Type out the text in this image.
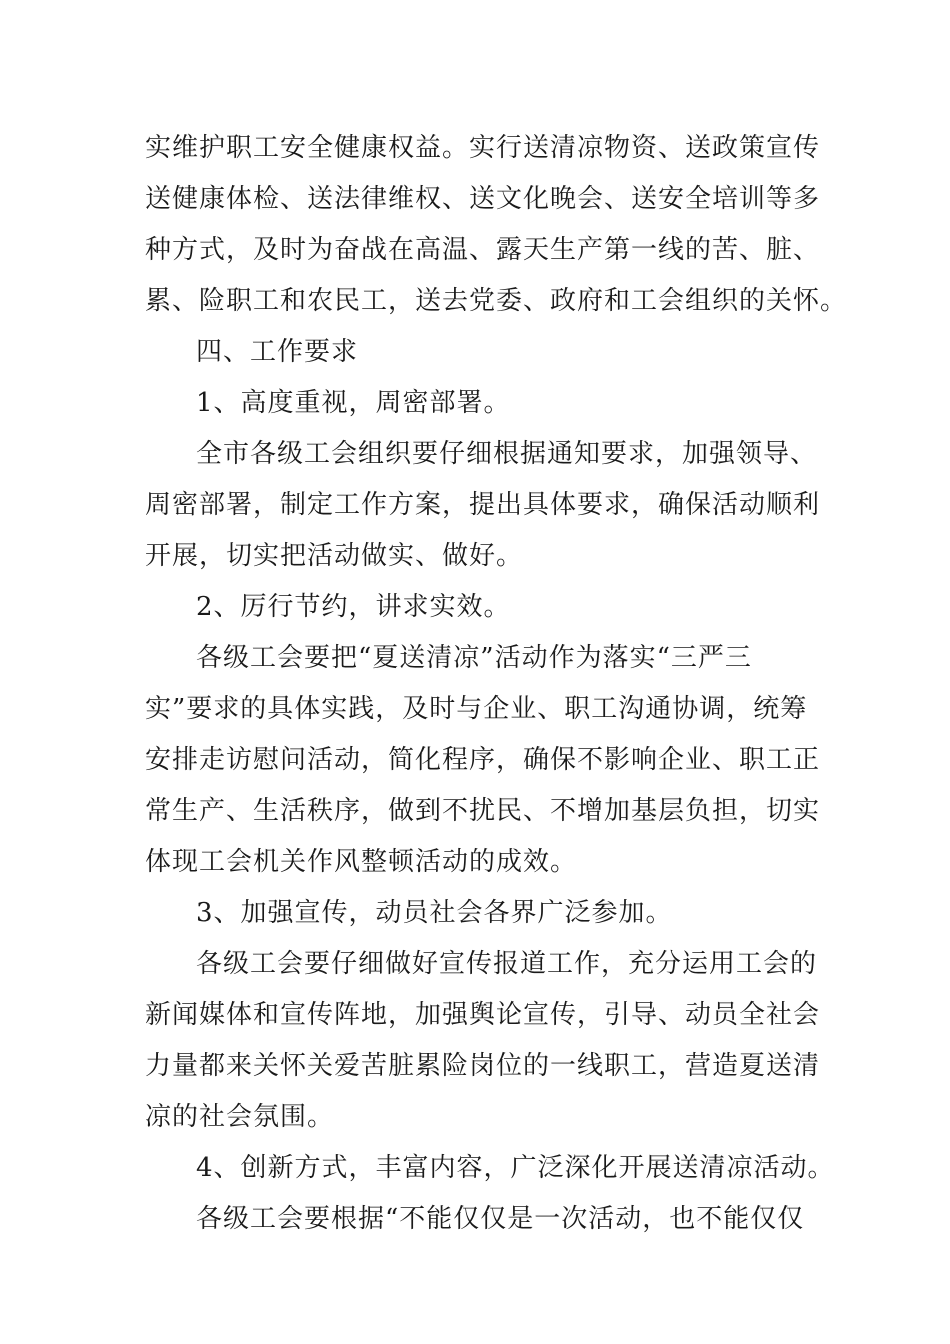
实维护职工安全健康权益。实行送清凉物资、送政策宣传
送健康体检、送法律维权、送文化晚会、送安全培训等多
种方式，及时为奋战在高温、露天生产第一线的苦、脏、
累、险职工和农民工，送去党委、政府和工会组织的关怀。
四、工作要求
1、高度重视，周密部署。
全市各级工会组织要仔细根据通知要求，加强领导、
周密部署，制定工作方案，提出具体要求，确保活动顺利
开展，切实把活动做实、做好。
2、厉行节约，讲求实效。
各级工会要把“夏送清凉”活动作为落实“三严三
实”要求的具体实践，及时与企业、职工沟通协调，统筹
安排走访慰问活动，简化程序，确保不影响企业、职工正
常生产、生活秩序，做到不扰民、不增加基层负担，切实
体现工会机关作风整顿活动的成效。
3、加强宣传，动员社会各界广泛参加。
各级工会要仔细做好宣传报道工作，充分运用工会的
新闻媒体和宣传阵地，加强舆论宣传，引导、动员全社会
力量都来关怀关爱苦脏累险岗位的一线职工，营造夏送清
凉的社会氛围。
4、创新方式，丰富内容，广泛深化开展送清凉活动。
各级工会要根据“不能仅仅是一次活动，也不能仅仅
